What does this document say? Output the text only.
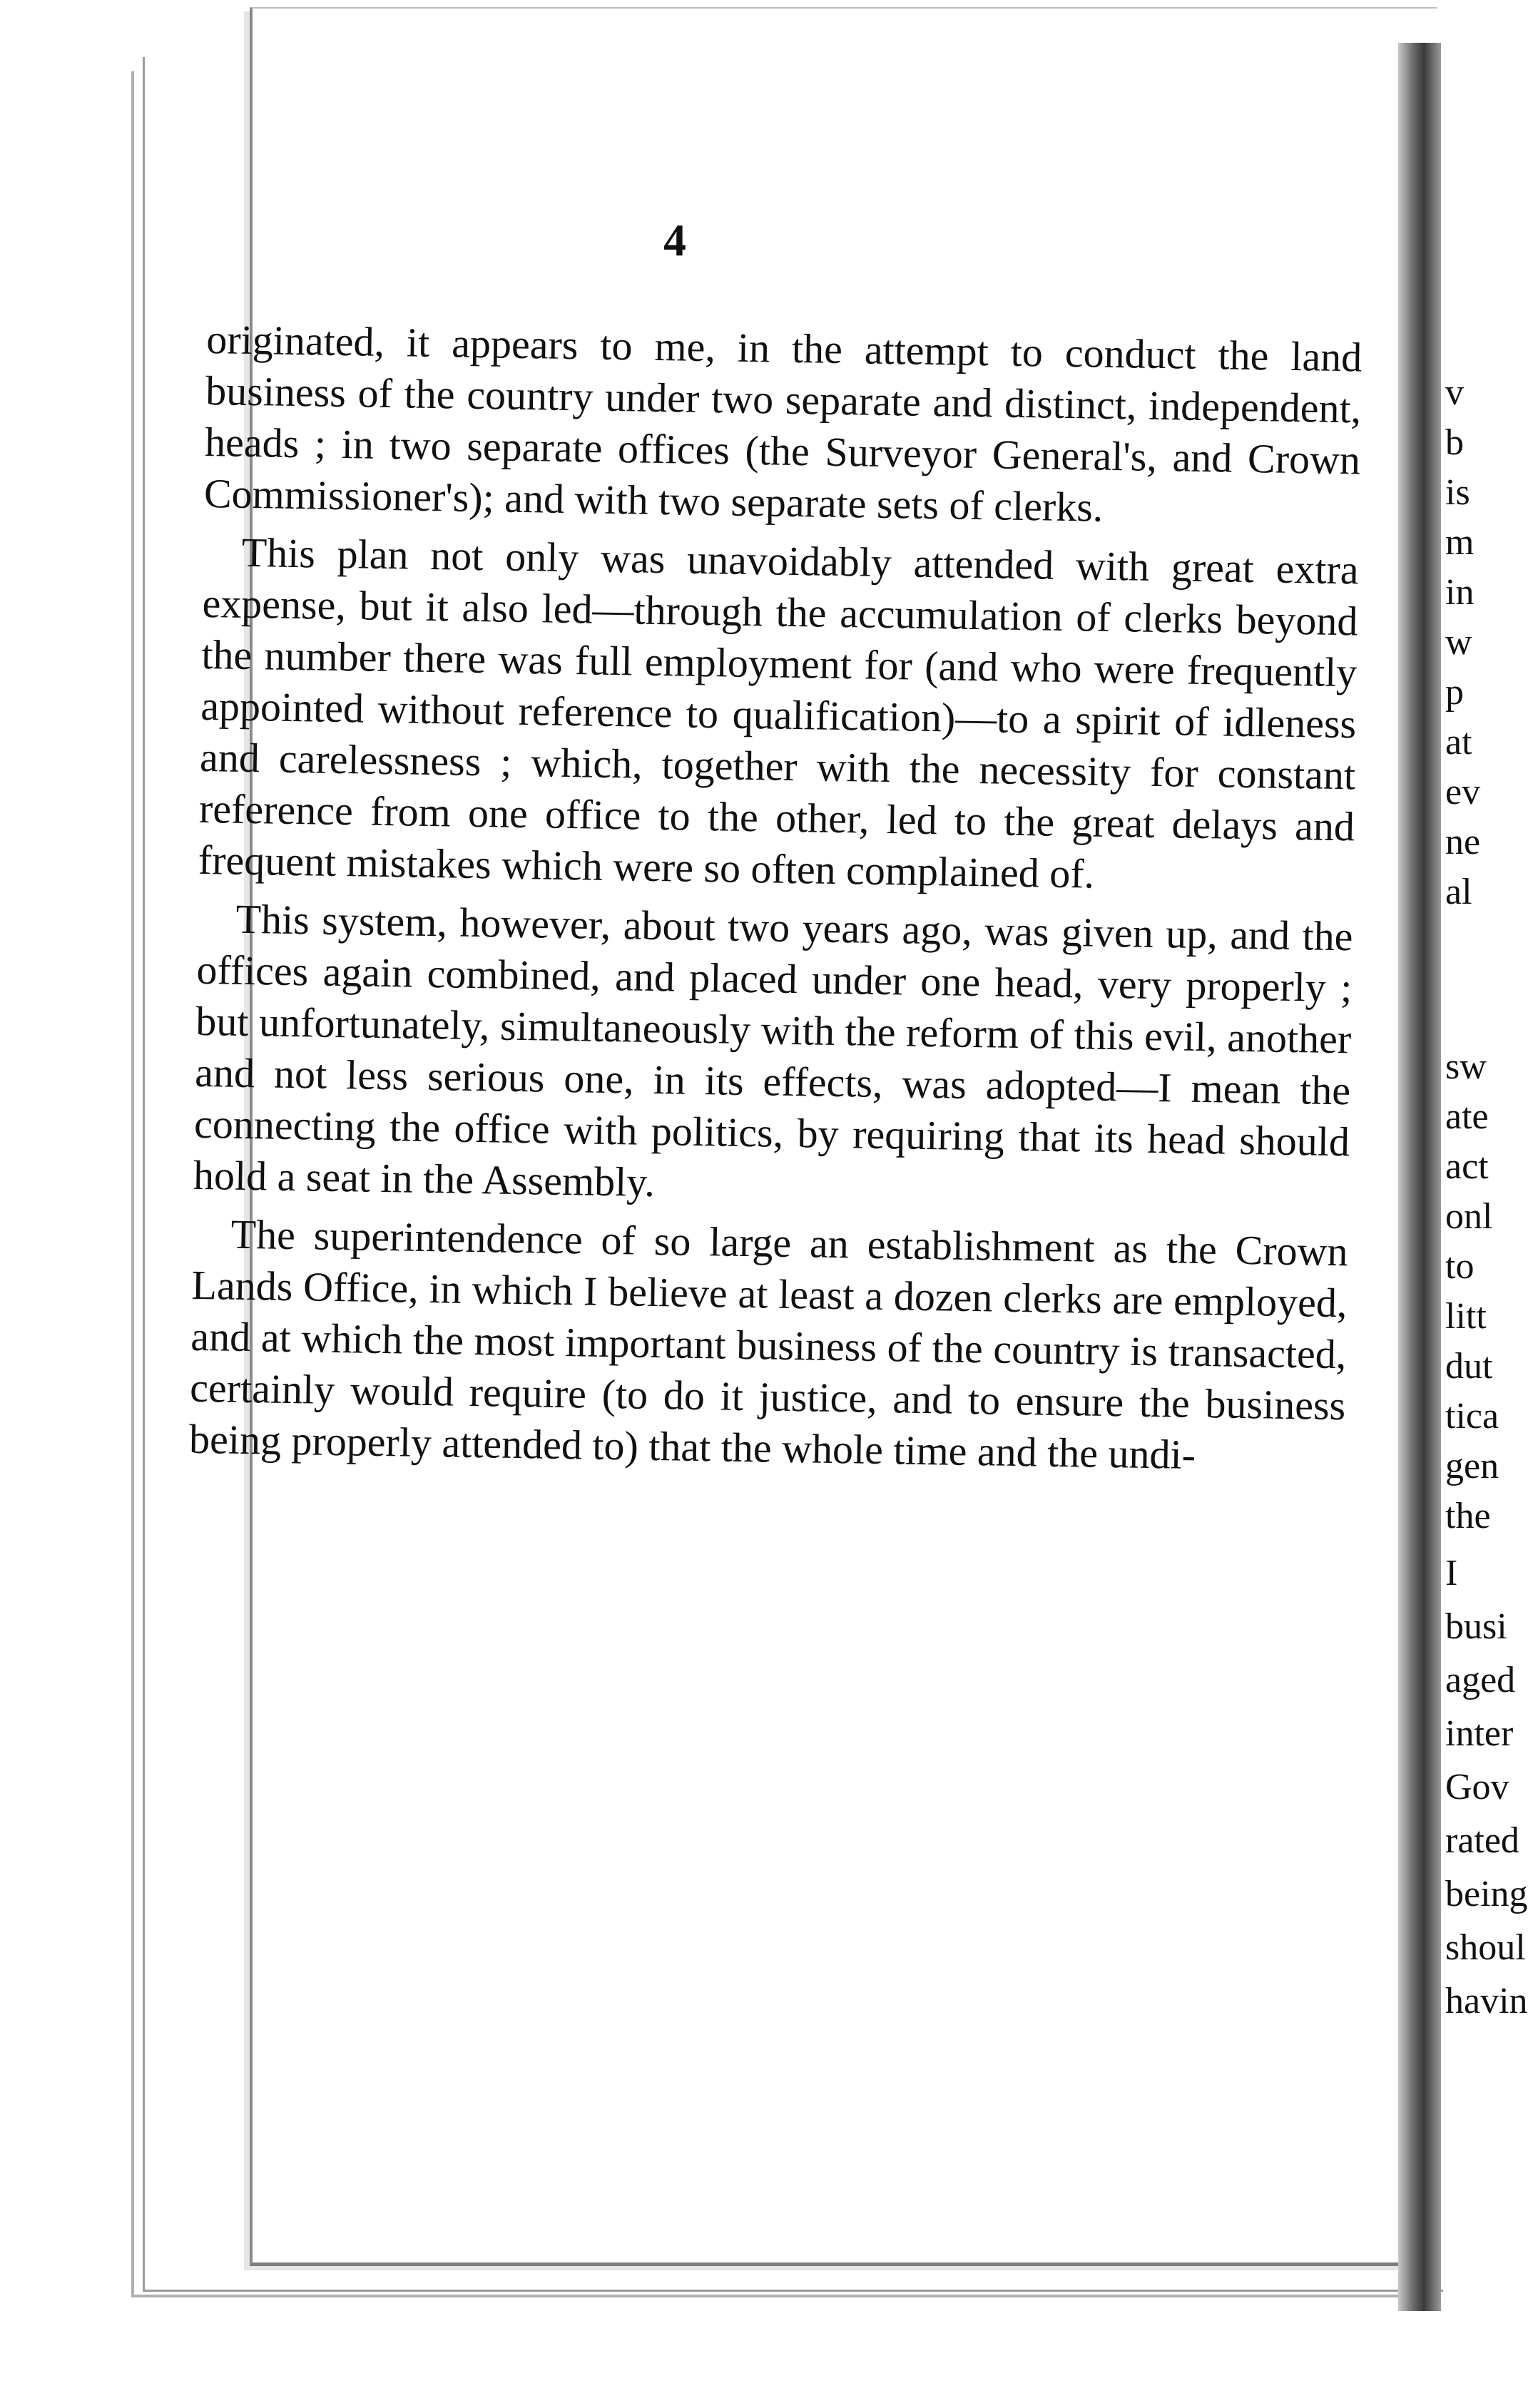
4

originated, it appears to me, in the attempt to conduct the land business of the country under two separate and distinct, independent, heads ; in two separate offices (the Surveyor General's, and Crown Commissioner's); and with two separate sets of clerks.

This plan not only was unavoidably attended with great extra expense, but it also led—through the accumulation of clerks beyond the number there was full employment for (and who were frequently appointed without reference to qualification)—to a spirit of idleness and carelessness ; which, together with the necessity for constant reference from one office to the other, led to the great delays and frequent mistakes which were so often complained of.

This system, however, about two years ago, was given up, and the offices again combined, and placed under one head, very properly ; but unfortunately, simultaneously with the reform of this evil, another and not less serious one, in its effects, was adopted—I mean the connecting the office with politics, by requiring that its head should hold a seat in the Assembly.

The superintendence of so large an establishment as the Crown Lands Office, in which I believe at least a dozen clerks are employed, and at which the most important business of the country is transacted, certainly would require (to do it justice, and to ensure the business being properly attended to) that the whole time and the undi-

v
b
is
m
in
w
p
at
ev
ne
al
sw
ate
act
onl
to
litt
dut
tica
gen
the
I
busi
aged
inter
Gov
rated
being
shoul
havin
